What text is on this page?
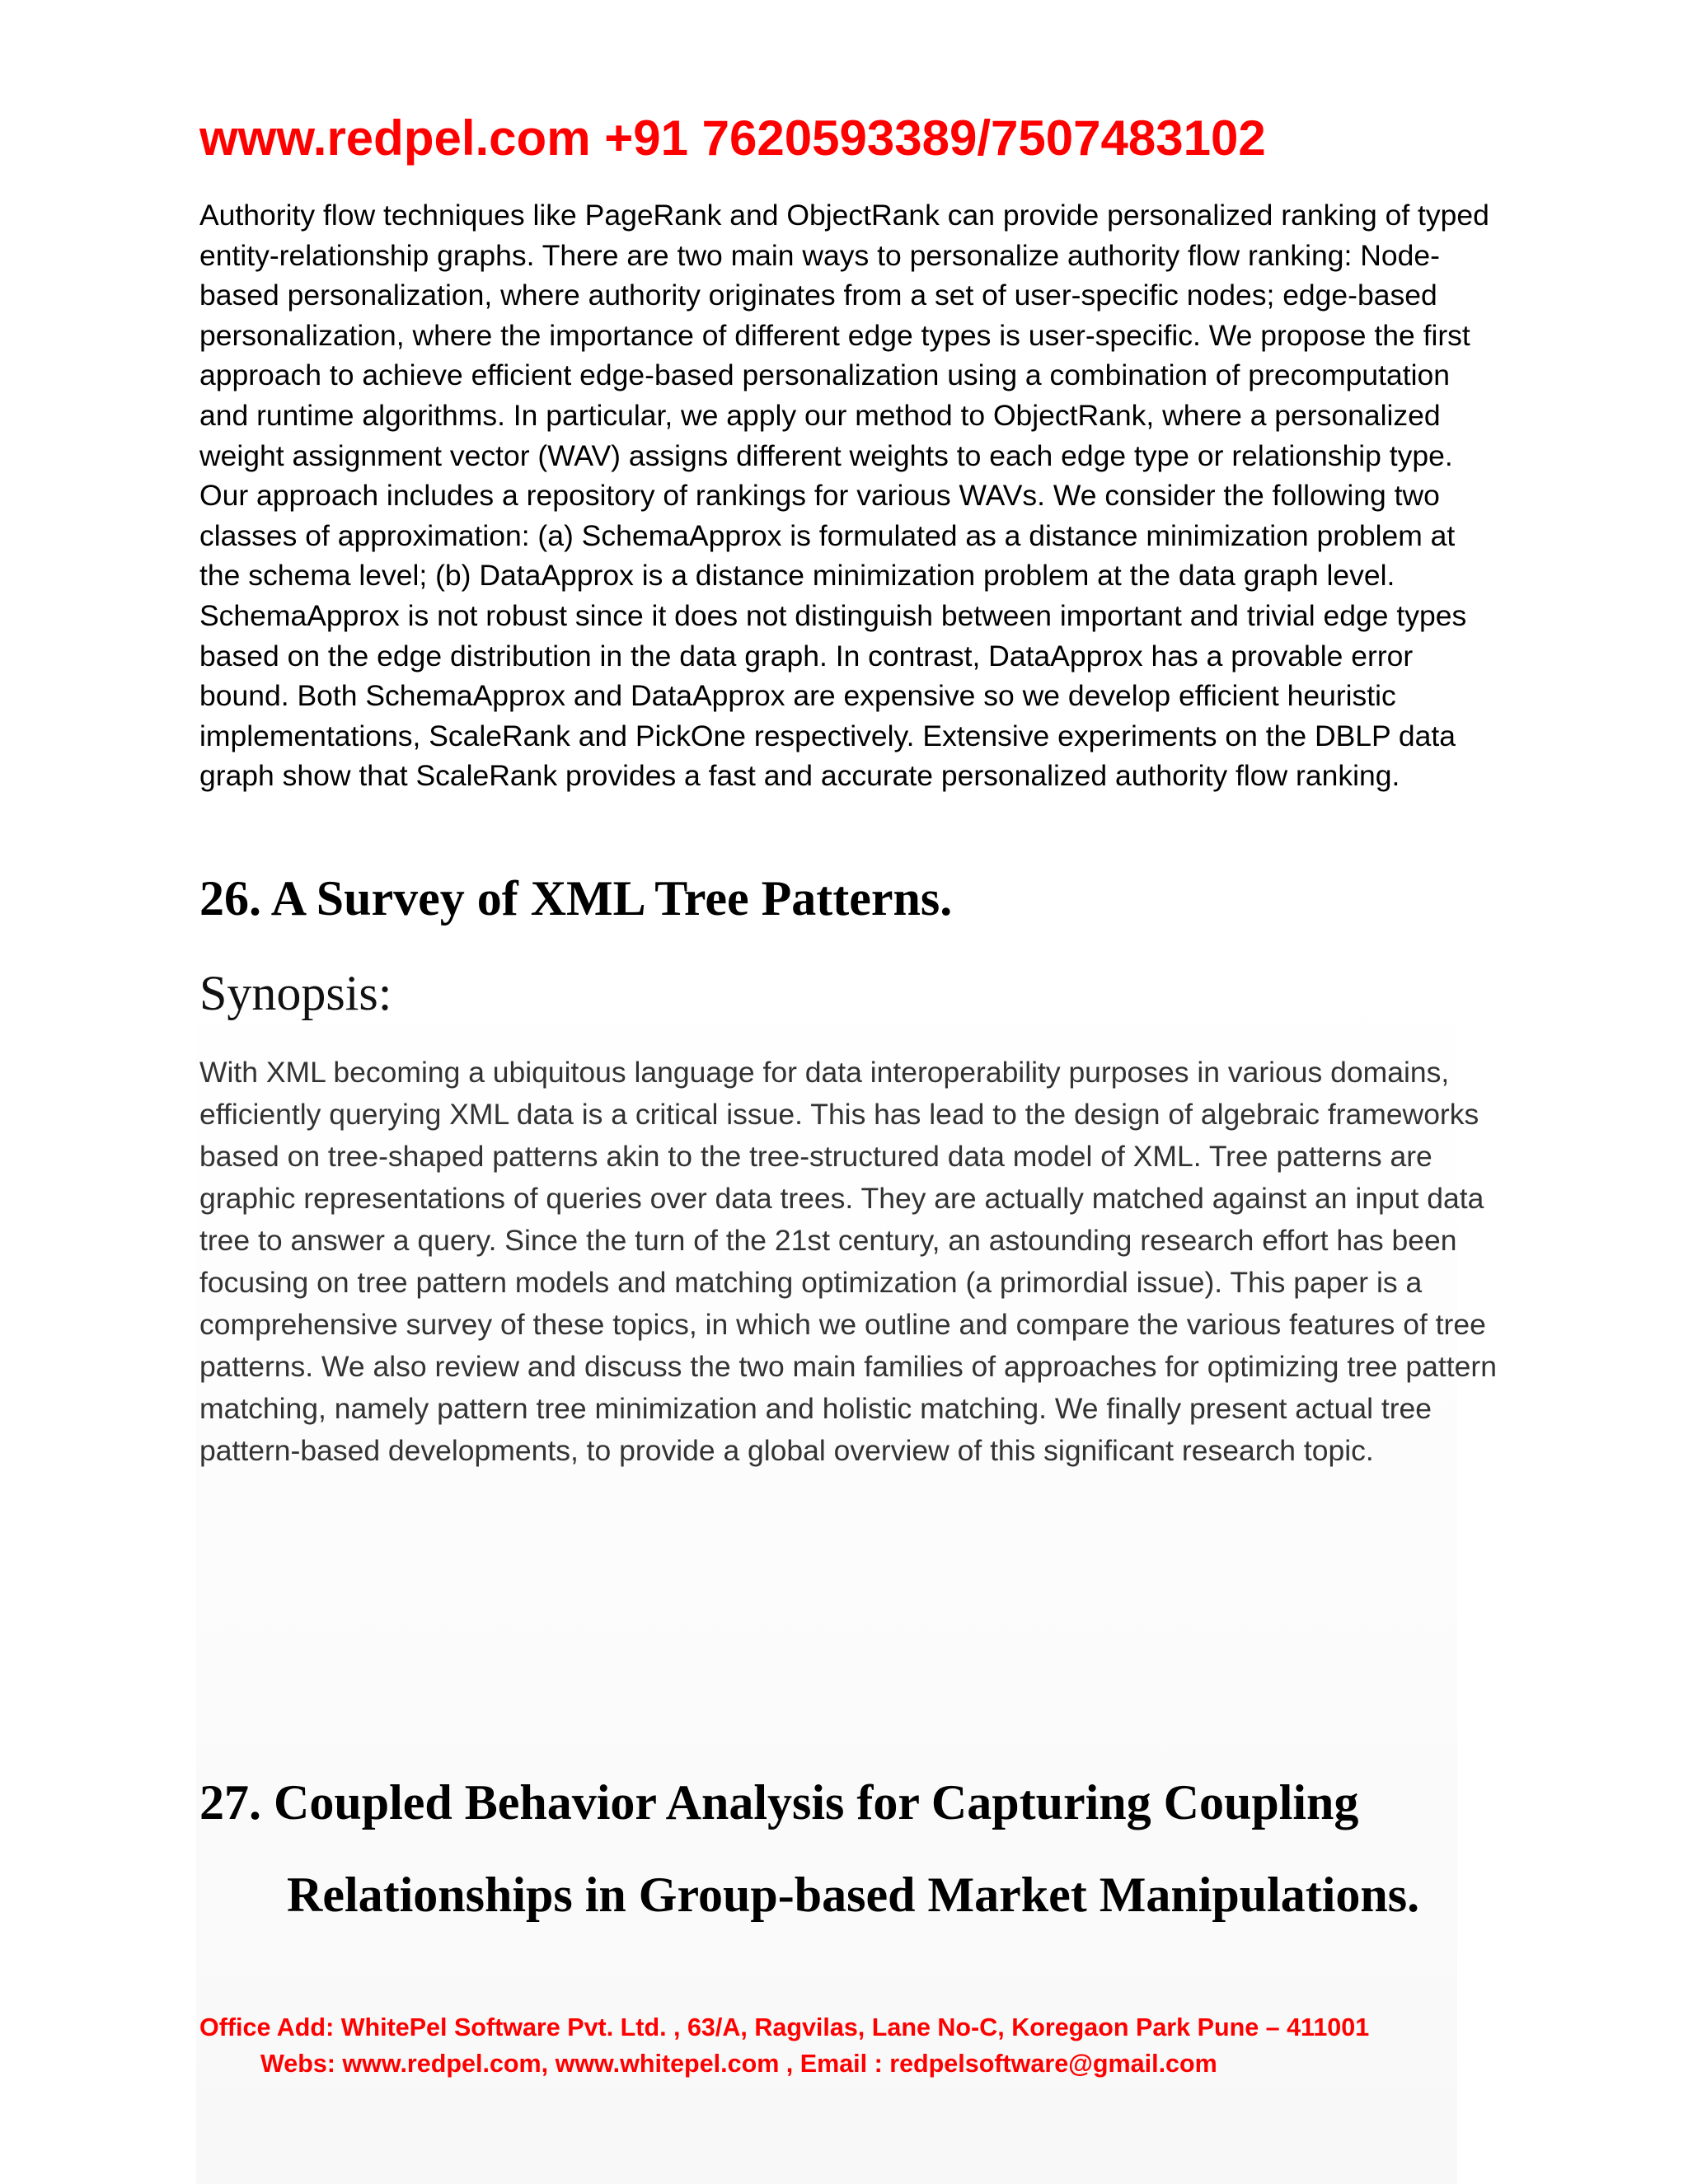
www.redpel.com +91 7620593389/7507483102

Authority flow techniques like PageRank and ObjectRank can provide personalized ranking of typed entity-relationship graphs. There are two main ways to personalize authority flow ranking: Node-based personalization, where authority originates from a set of user-specific nodes; edge-based personalization, where the importance of different edge types is user-specific. We propose the first approach to achieve efficient edge-based personalization using a combination of precomputation and runtime algorithms. In particular, we apply our method to ObjectRank, where a personalized weight assignment vector (WAV) assigns different weights to each edge type or relationship type. Our approach includes a repository of rankings for various WAVs. We consider the following two classes of approximation: (a) SchemaApprox is formulated as a distance minimization problem at the schema level; (b) DataApprox is a distance minimization problem at the data graph level. SchemaApprox is not robust since it does not distinguish between important and trivial edge types based on the edge distribution in the data graph. In contrast, DataApprox has a provable error bound. Both SchemaApprox and DataApprox are expensive so we develop efficient heuristic implementations, ScaleRank and PickOne respectively. Extensive experiments on the DBLP data graph show that ScaleRank provides a fast and accurate personalized authority flow ranking.

26. A Survey of XML Tree Patterns.

Synopsis:

With XML becoming a ubiquitous language for data interoperability purposes in various domains, efficiently querying XML data is a critical issue. This has lead to the design of algebraic frameworks based on tree-shaped patterns akin to the tree-structured data model of XML. Tree patterns are graphic representations of queries over data trees. They are actually matched against an input data tree to answer a query. Since the turn of the 21st century, an astounding research effort has been focusing on tree pattern models and matching optimization (a primordial issue). This paper is a comprehensive survey of these topics, in which we outline and compare the various features of tree patterns. We also review and discuss the two main families of approaches for optimizing tree pattern matching, namely pattern tree minimization and holistic matching. We finally present actual tree pattern-based developments, to provide a global overview of this significant research topic.

27. Coupled Behavior Analysis for Capturing Coupling
Relationships in Group-based Market Manipulations.
Office Add: WhitePel Software Pvt. Ltd. , 63/A, Ragvilas, Lane No-C, Koregaon Park Pune – 411001
Webs: www.redpel.com, www.whitepel.com , Email : redpelsoftware@gmail.com
